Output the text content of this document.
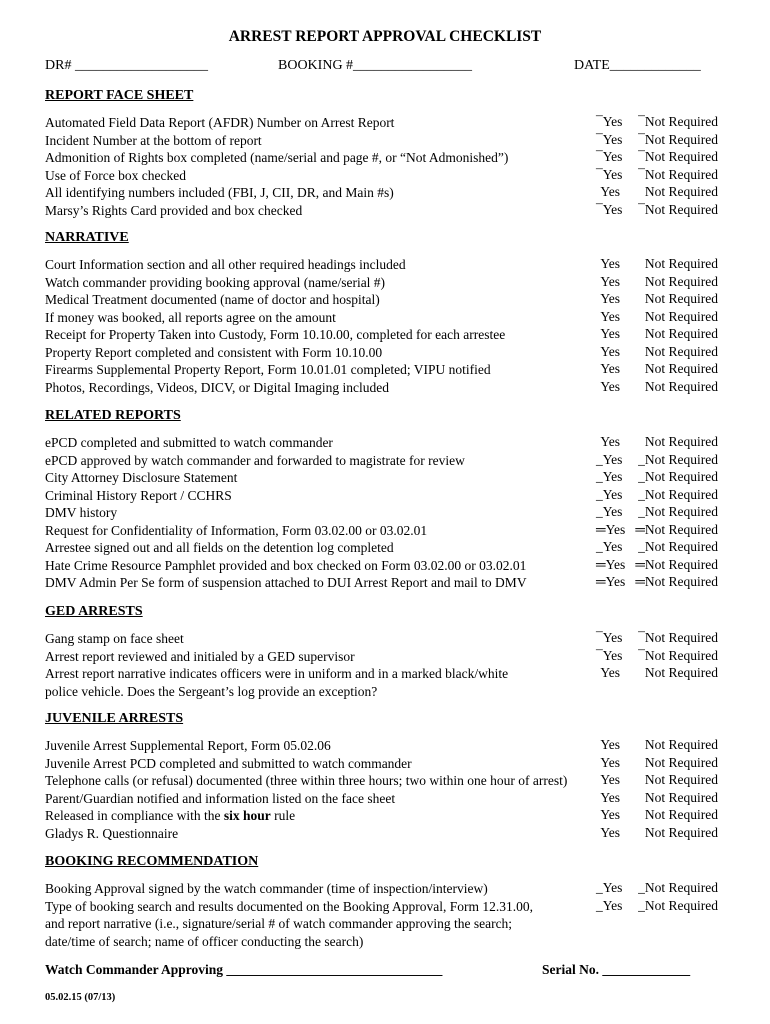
ARREST REPORT APPROVAL CHECKLIST
DR# ___________________	BOOKING #_________________	DATE_____________
REPORT FACE SHEET
Automated Field Data Report (AFDR) Number on Arrest Report	¯Yes	¯Not Required
Incident Number at the bottom of report	¯Yes	¯Not Required
Admonition of Rights box completed (name/serial and page #, or “Not Admonished”)	¯Yes	¯Not Required
Use of Force box checked	¯Yes	¯Not Required
All identifying numbers included (FBI, J, CII, DR, and Main #s)	Yes	Not Required
Marsy’s Rights Card provided and box checked	¯Yes	¯Not Required
NARRATIVE
Court Information section and all other required headings included	Yes	Not Required
Watch commander providing booking approval (name/serial #)	Yes	Not Required
Medical Treatment documented (name of doctor and hospital)	Yes	Not Required
If money was booked, all reports agree on the amount	Yes	Not Required
Receipt for Property Taken into Custody, Form 10.10.00, completed for each arrestee	Yes	Not Required
Property Report completed and consistent with Form 10.10.00	Yes	Not Required
Firearms Supplemental Property Report, Form 10.01.01 completed; VIPU notified	Yes	Not Required
Photos, Recordings, Videos, DICV, or Digital Imaging included	Yes	Not Required
RELATED REPORTS
ePCD completed and submitted to watch commander	Yes	Not Required
ePCD approved by watch commander and forwarded to magistrate for review	_Yes	_Not Required
City Attorney Disclosure Statement	_Yes	_Not Required
Criminal History Report / CCHRS	_Yes	_Not Required
DMV history	_Yes	_Not Required
Request for Confidentiality of Information, Form 03.02.00 or 03.02.01	═Yes ═Not Required
Arrestee signed out and all fields on the detention log completed	_Yes	_Not Required
Hate Crime Resource Pamphlet provided and box checked on Form 03.02.00 or 03.02.01	═Yes ═Not Required
DMV Admin Per Se form of suspension attached to DUI Arrest Report and mail to DMV	═Yes ═Not Required
GED ARRESTS
Gang stamp on face sheet	¯Yes	¯Not Required
Arrest report reviewed and initialed by a GED supervisor	¯Yes	¯Not Required
Arrest report narrative indicates officers were in uniform and in a marked black/white	Yes	Not Required
police vehicle. Does the Sergeant’s log provide an exception?
JUVENILE ARRESTS
Juvenile Arrest Supplemental Report, Form 05.02.06	Yes	Not Required
Juvenile Arrest PCD completed and submitted to watch commander	Yes	Not Required
Telephone calls (or refusal) documented (three within three hours; two within one hour of arrest)	Yes	Not Required
Parent/Guardian notified and information listed on the face sheet	Yes	Not Required
Released in compliance with the six hour rule	Yes	Not Required
Gladys R. Questionnaire	Yes	Not Required
BOOKING RECOMMENDATION
Booking Approval signed by the watch commander (time of inspection/interview)	_Yes	_Not Required
Type of booking search and results documented on the Booking Approval, Form 12.31.00,	_Yes	_Not Required
and report narrative (i.e., signature/serial # of watch commander approving the search;
date/time of search; name of officer conducting the search)
Watch Commander Approving ________________________________	Serial No. _____________
05.02.15 (07/13)
